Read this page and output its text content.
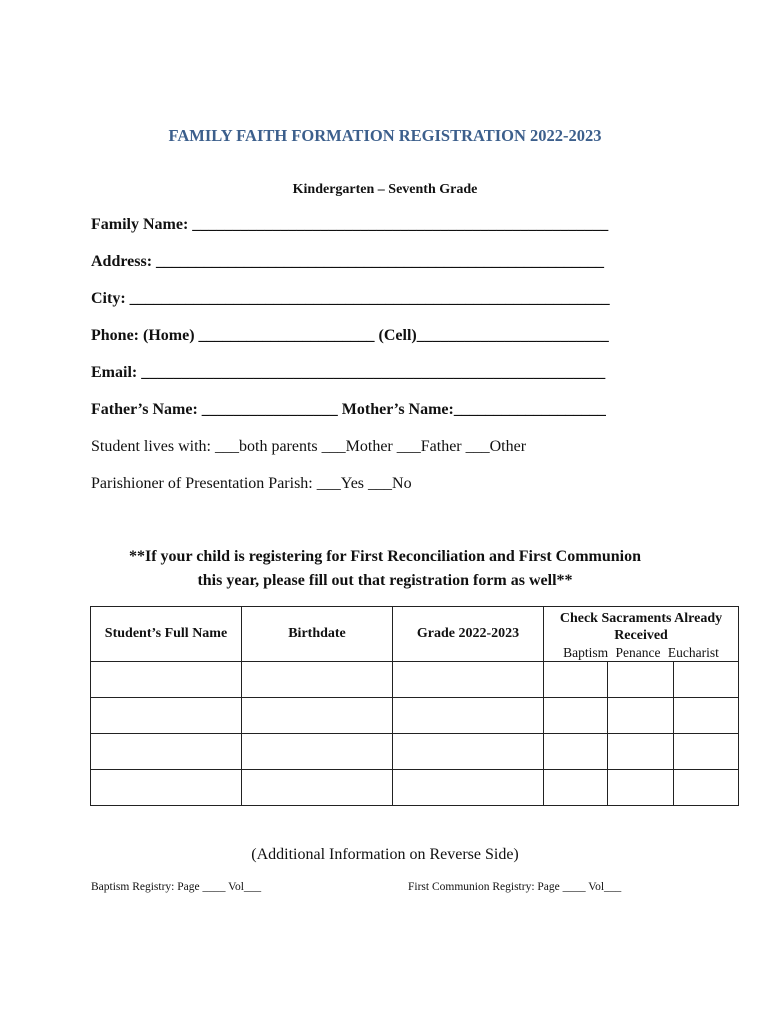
FAMILY FAITH FORMATION REGISTRATION 2022-2023
Kindergarten – Seventh Grade
Family Name: ____________________________________________________
Address: ________________________________________________________
City: ____________________________________________________________
Phone: (Home) ______________________ (Cell)________________________
Email: __________________________________________________________
Father’s Name: _________________ Mother’s Name:___________________
Student lives with: ___both parents ___Mother ___Father ___Other
Parishioner of Presentation Parish: ___Yes ___No
**If your child is registering for First Reconciliation and First Communion
this year, please fill out that registration form as well**
Student’s Full Name	Birthdate	Grade 2022-2023	Check Sacraments Already
Received
Baptism Penance Eucharist		

(Additional Information on Reverse Side)
Baptism Registry: Page ____ Vol___	First Communion Registry: Page ____ Vol___
